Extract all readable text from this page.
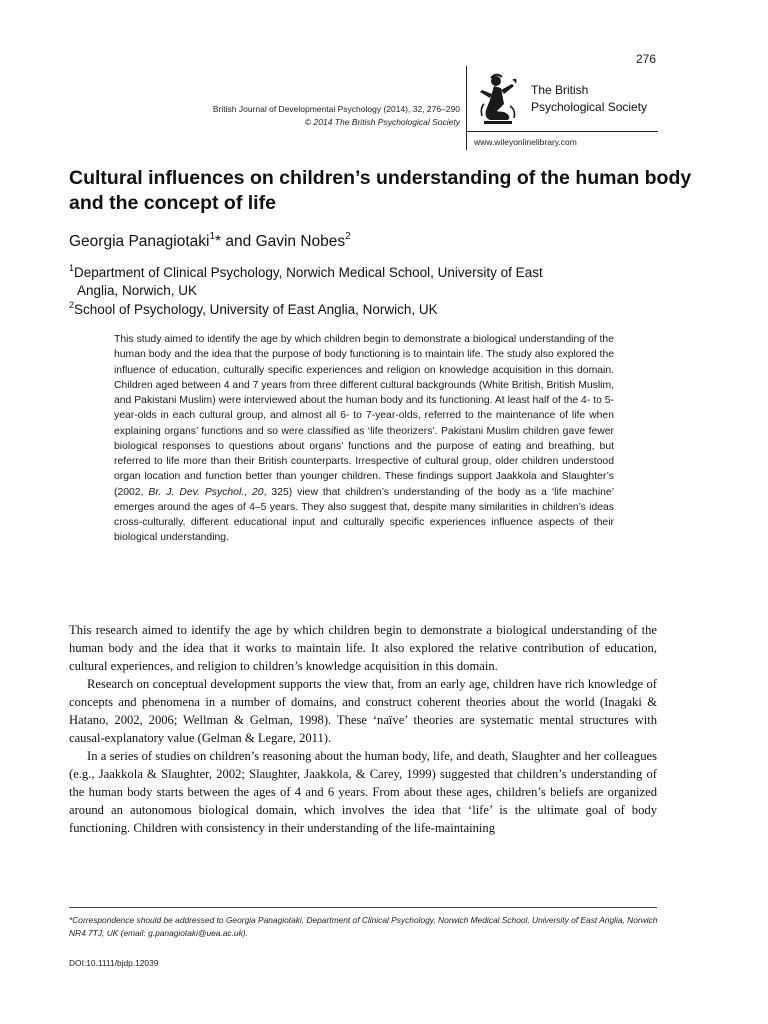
276
British Journal of Developmental Psychology (2014), 32, 276–290
© 2014 The British Psychological Society
The British
Psychological Society
www.wileyonlinelibrary.com
Cultural influences on children’s understanding of the human body and the concept of life
Georgia Panagiotaki$^1$* and Gavin Nobes$^2$
$^1$Department of Clinical Psychology, Norwich Medical School, University of East
Anglia, Norwich, UK
$^2$School of Psychology, University of East Anglia, Norwich, UK
This study aimed to identify the age by which children begin to demonstrate a biological understanding of the human body and the idea that the purpose of body functioning is to maintain life. The study also explored the influence of education, culturally specific experiences and religion on knowledge acquisition in this domain. Children aged between 4 and 7 years from three different cultural backgrounds (White British, British Muslim, and Pakistani Muslim) were interviewed about the human body and its functioning. At least half of the 4- to 5-year-olds in each cultural group, and almost all 6- to 7-year-olds, referred to the maintenance of life when explaining organs’ functions and so were classified as ‘life theorizers’. Pakistani Muslim children gave fewer biological responses to questions about organs’ functions and the purpose of eating and breathing, but referred to life more than their British counterparts. Irrespective of cultural group, older children understood organ location and function better than younger children. These findings support Jaakkola and Slaughter’s (2002, Br. J. Dev. Psychol., 20, 325) view that children’s understanding of the body as a ‘life machine’ emerges around the ages of 4–5 years. They also suggest that, despite many similarities in children’s ideas cross-culturally, different educational input and culturally specific experiences influence aspects of their biological understanding.

This research aimed to identify the age by which children begin to demonstrate a biological understanding of the human body and the idea that it works to maintain life. It also explored the relative contribution of education, cultural experiences, and religion to children’s knowledge acquisition in this domain.

Research on conceptual development supports the view that, from an early age, children have rich knowledge of concepts and phenomena in a number of domains, and construct coherent theories about the world (Inagaki & Hatano, 2002, 2006; Wellman & Gelman, 1998). These ‘naïve’ theories are systematic mental structures with causal-explanatory value (Gelman & Legare, 2011).

In a series of studies on children’s reasoning about the human body, life, and death, Slaughter and her colleagues (e.g., Jaakkola & Slaughter, 2002; Slaughter, Jaakkola, & Carey, 1999) suggested that children’s understanding of the human body starts between the ages of 4 and 6 years. From about these ages, children’s beliefs are organized around an autonomous biological domain, which involves the idea that ‘life’ is the ultimate goal of body functioning. Children with consistency in their understanding of the life-maintaining

*Correspondence should be addressed to Georgia Panagiotaki, Department of Clinical Psychology, Norwich Medical School, University of East Anglia, Norwich NR4 7TJ, UK (email: g.panagiotaki@uea.ac.uk).
DOI:10.1111/bjdp.12039
